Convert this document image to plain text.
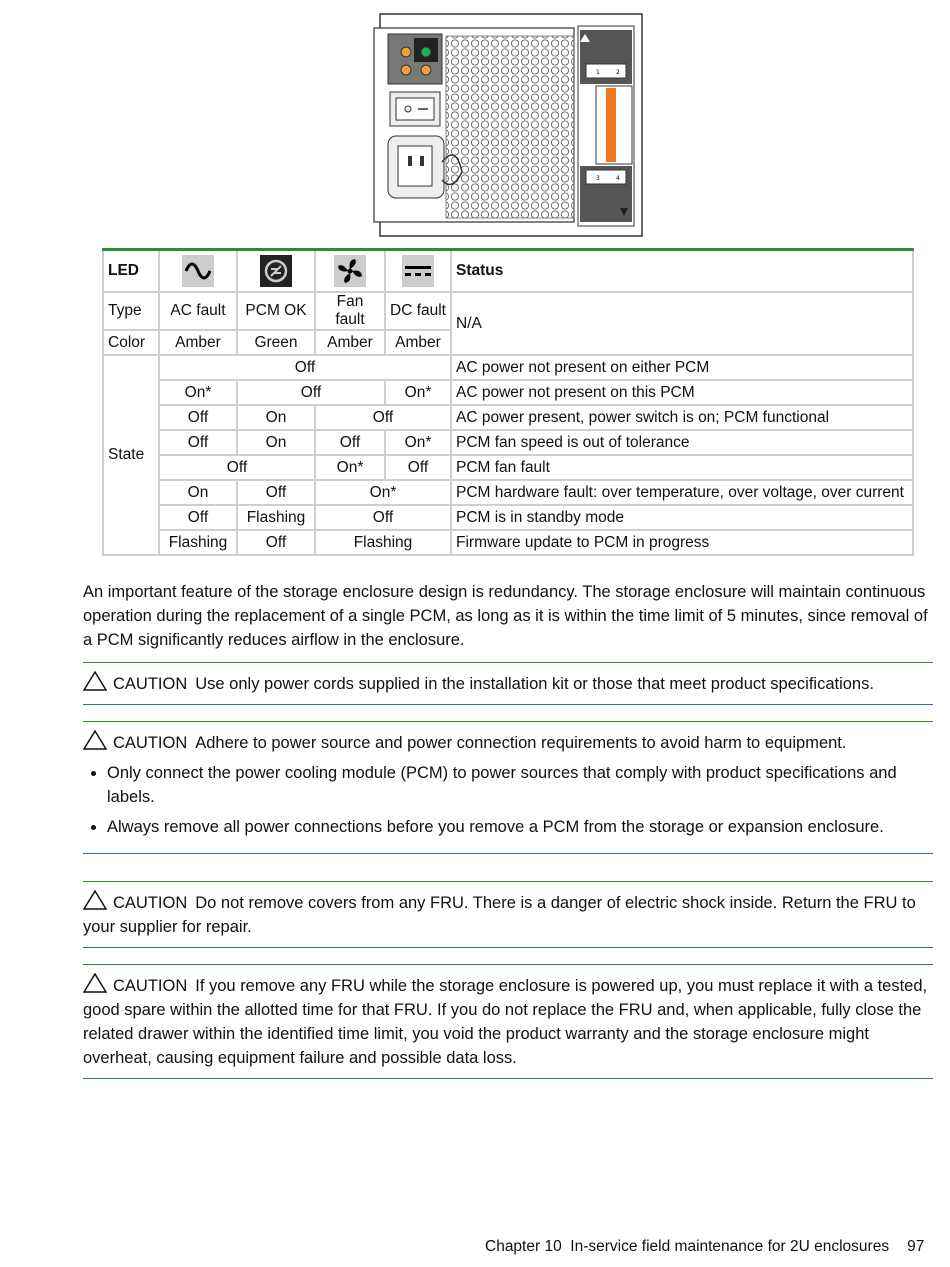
1	2
3	4
LED					Status
Type	AC fault	PCM OK	Fan fault	DC fault	N/A
Color	Amber	Green	Amber	Amber	
State	Off				AC power not present on either PCM
	On*	Off		On*	AC power not present on this PCM
	Off	On	Off		AC power present, power switch is on; PCM functional
	Off	On	Off	On*	PCM fan speed is out of tolerance
	Off		On*	Off	PCM fan fault
	On	Off	On*		PCM hardware fault: over temperature, over voltage, over current
	Off	Flashing	Off		PCM is in standby mode
	Flashing	Off	Flashing		Firmware update to PCM in progress

An important feature of the storage enclosure design is redundancy. The storage enclosure will maintain continuous operation during the replacement of a single PCM, as long as it is within the time limit of 5 minutes, since removal of a PCM significantly reduces airflow in the enclosure.

CAUTION Use only power cords supplied in the installation kit or those that meet product specifications.
CAUTION Adhere to power source and power connection requirements to avoid harm to equipment.
• Only connect the power cooling module (PCM) to power sources that comply with product specifications and labels.
• Always remove all power connections before you remove a PCM from the storage or expansion enclosure.
CAUTION Do not remove covers from any FRU. There is a danger of electric shock inside. Return the FRU to your supplier for repair.
CAUTION If you remove any FRU while the storage enclosure is powered up, you must replace it with a tested, good spare within the allotted time for that FRU. If you do not replace the FRU and, when applicable, fully close the related drawer within the identified time limit, you void the product warranty and the storage enclosure might overheat, causing equipment failure and possible data loss.
Chapter 10  In-service field maintenance for 2U enclosures 97
